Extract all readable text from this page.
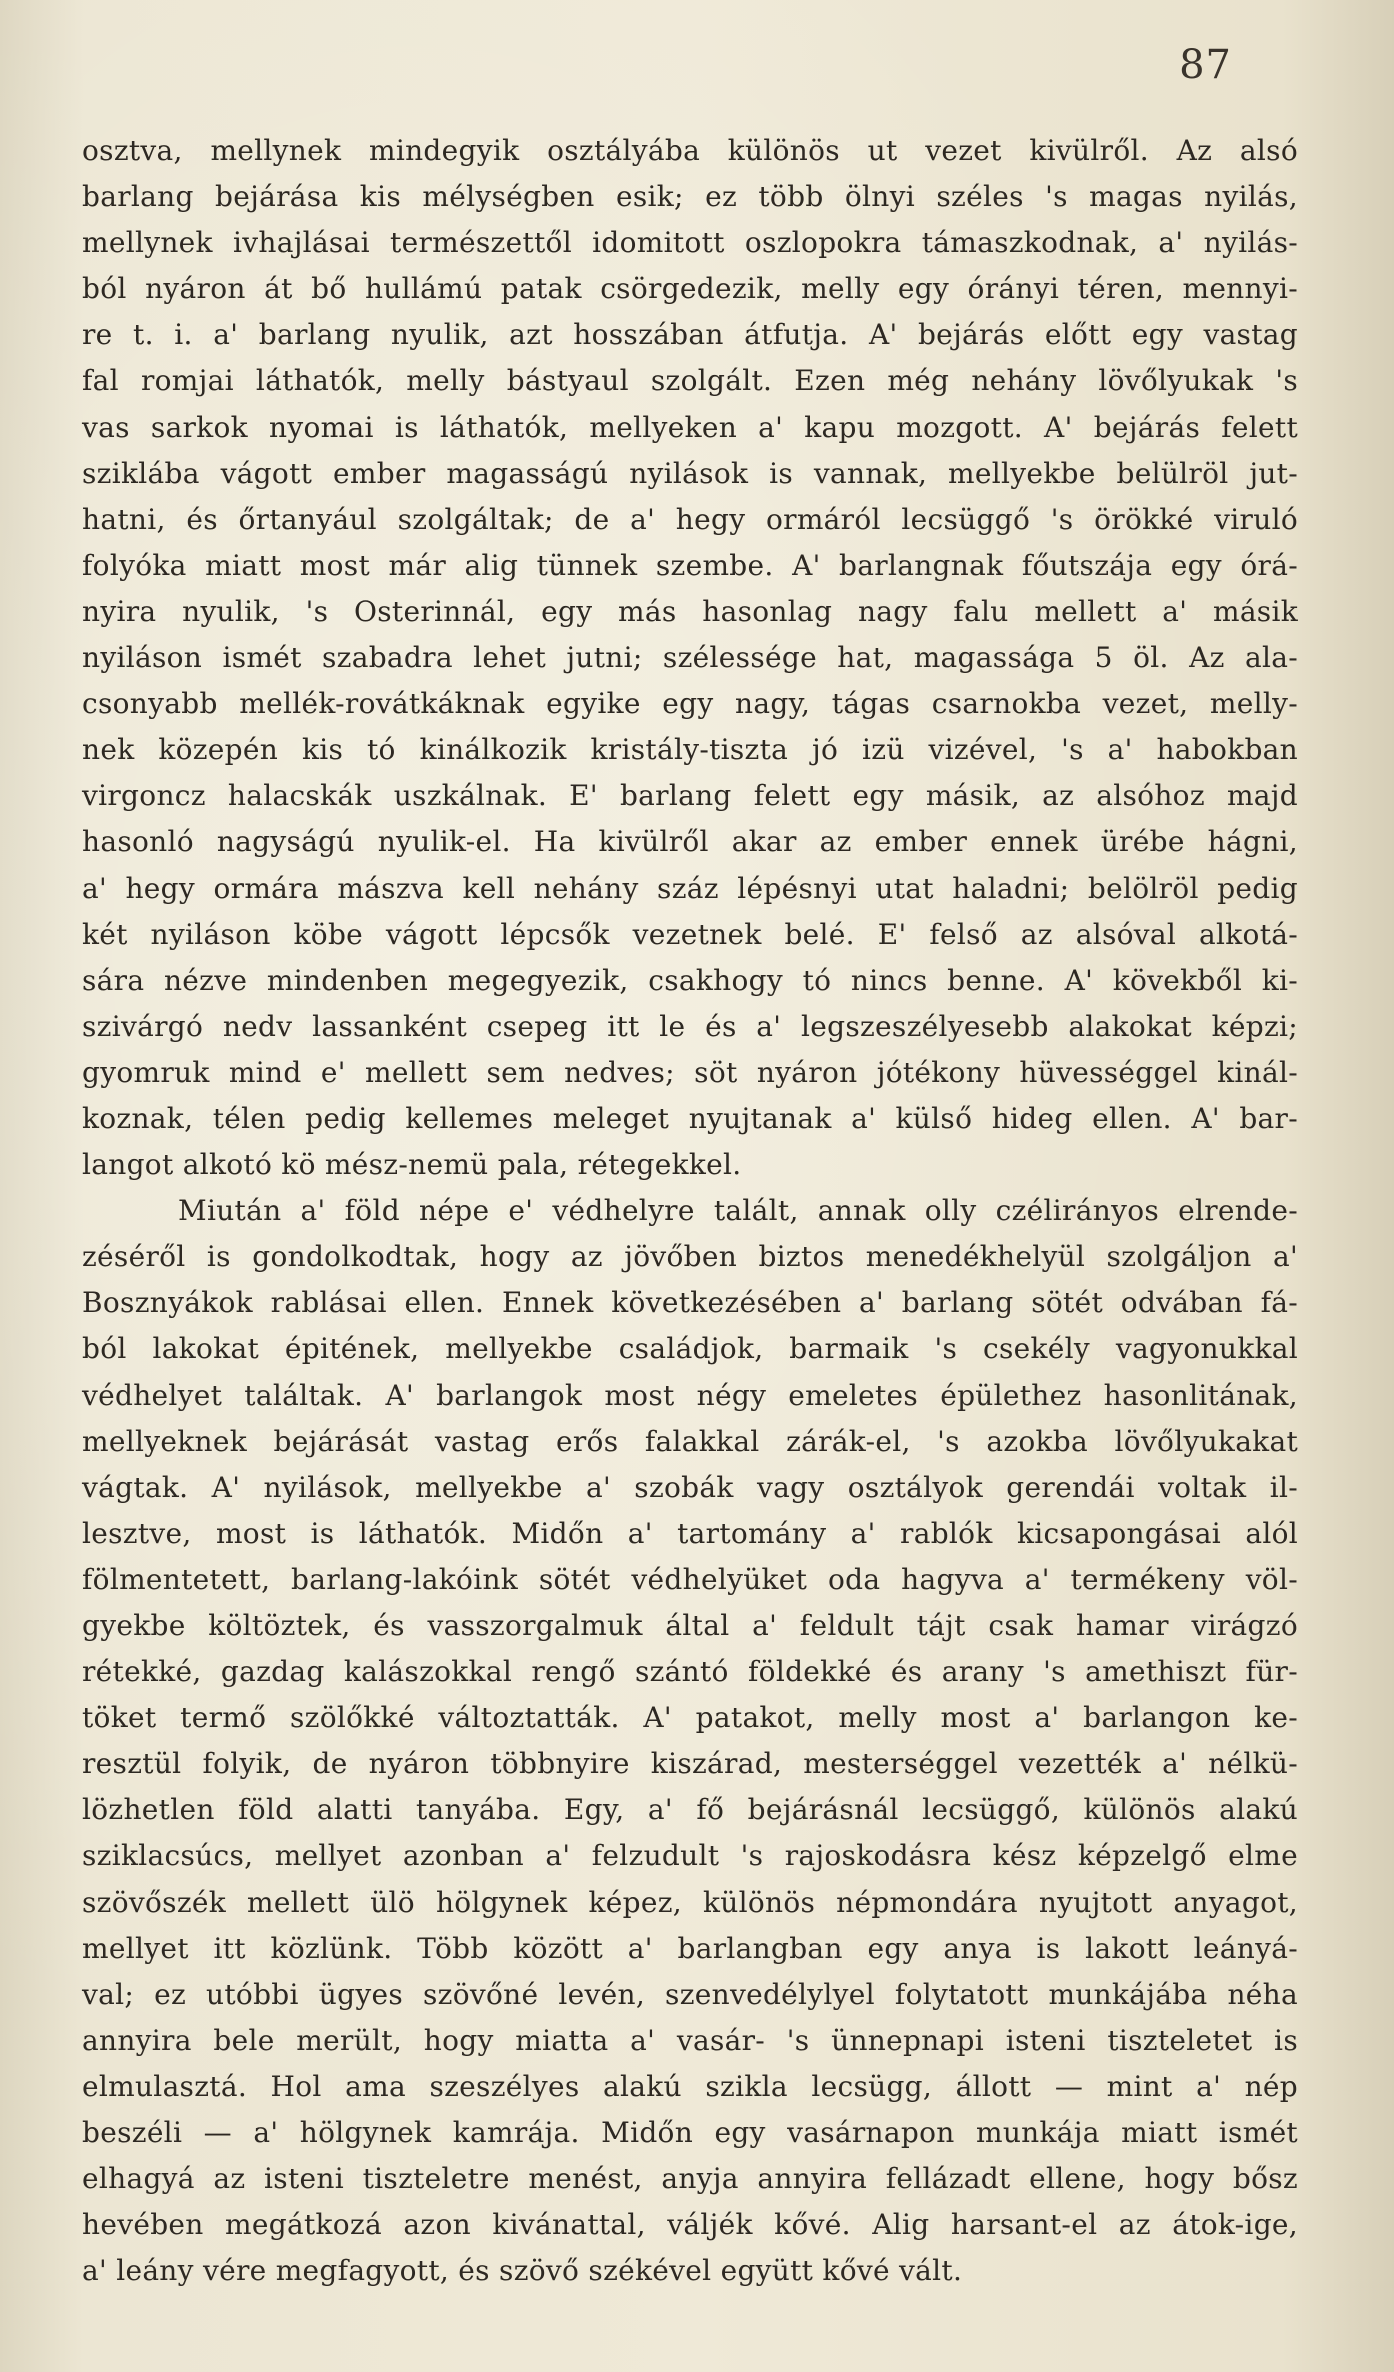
87
osztva, mellynek mindegyik osztályába különös ut vezet kivülről. Az alsó
barlang bejárása kis mélységben esik; ez több ölnyi széles 's magas nyilás,
mellynek ivhajlásai természettől idomitott oszlopokra támaszkodnak, a' nyilás-
ból nyáron át bő hullámú patak csörgedezik, melly egy órányi téren, mennyi-
re t. i. a' barlang nyulik, azt hosszában átfutja. A' bejárás előtt egy vastag
fal romjai láthatók, melly bástyaul szolgált. Ezen még nehány lövőlyukak 's
vas sarkok nyomai is láthatók, mellyeken a' kapu mozgott. A' bejárás felett
sziklába vágott ember magasságú nyilások is vannak, mellyekbe belülröl jut-
hatni, és őrtanyául szolgáltak; de a' hegy ormáról lecsüggő 's örökké viruló
folyóka miatt most már alig tünnek szembe. A' barlangnak főutszája egy órá-
nyira nyulik, 's Osterinnál, egy más hasonlag nagy falu mellett a' másik
nyiláson ismét szabadra lehet jutni; szélessége hat, magassága 5 öl. Az ala-
csonyabb mellék-rovátkáknak egyike egy nagy, tágas csarnokba vezet, melly-
nek közepén kis tó kinálkozik kristály-tiszta jó izü vizével, 's a' habokban
virgoncz halacskák uszkálnak. E' barlang felett egy másik, az alsóhoz majd
hasonló nagyságú nyulik-el. Ha kivülről akar az ember ennek ürébe hágni,
a' hegy ormára mászva kell nehány száz lépésnyi utat haladni; belölröl pedig
két nyiláson köbe vágott lépcsők vezetnek belé. E' felső az alsóval alkotá-
sára nézve mindenben megegyezik, csakhogy tó nincs benne. A' kövekből ki-
szivárgó nedv lassanként csepeg itt le és a' legszeszélyesebb alakokat képzi;
gyomruk mind e' mellett sem nedves; söt nyáron jótékony hüvességgel kinál-
koznak, télen pedig kellemes meleget nyujtanak a' külső hideg ellen. A' bar-
langot alkotó kö mész-nemü pala, rétegekkel.
Miután a' föld népe e' védhelyre talált, annak olly czélirányos elrende-
zéséről is gondolkodtak, hogy az jövőben biztos menedékhelyül szolgáljon a'
Bosznyákok rablásai ellen. Ennek következésében a' barlang sötét odvában fá-
ból lakokat épitének, mellyekbe családjok, barmaik 's csekély vagyonukkal
védhelyet találtak. A' barlangok most négy emeletes épülethez hasonlitának,
mellyeknek bejárását vastag erős falakkal zárák-el, 's azokba lövőlyukakat
vágtak. A' nyilások, mellyekbe a' szobák vagy osztályok gerendái voltak il-
lesztve, most is láthatók. Midőn a' tartomány a' rablók kicsapongásai alól
fölmentetett, barlang-lakóink sötét védhelyüket oda hagyva a' termékeny völ-
gyekbe költöztek, és vasszorgalmuk által a' feldult tájt csak hamar virágzó
rétekké, gazdag kalászokkal rengő szántó földekké és arany 's amethiszt für-
töket termő szölőkké változtatták. A' patakot, melly most a' barlangon ke-
resztül folyik, de nyáron többnyire kiszárad, mesterséggel vezették a' nélkü-
lözhetlen föld alatti tanyába. Egy, a' fő bejárásnál lecsüggő, különös alakú
sziklacsúcs, mellyet azonban a' felzudult 's rajoskodásra kész képzelgő elme
szövőszék mellett ülö hölgynek képez, különös népmondára nyujtott anyagot,
mellyet itt közlünk. Több között a' barlangban egy anya is lakott leányá-
val; ez utóbbi ügyes szövőné levén, szenvedélylyel folytatott munkájába néha
annyira bele merült, hogy miatta a' vasár- 's ünnepnapi isteni tiszteletet is
elmulasztá. Hol ama szeszélyes alakú szikla lecsügg, állott — mint a' nép
beszéli — a' hölgynek kamrája. Midőn egy vasárnapon munkája miatt ismét
elhagyá az isteni tiszteletre menést, anyja annyira fellázadt ellene, hogy bősz
hevében megátkozá azon kivánattal, váljék kővé. Alig harsant-el az átok-ige,
a' leány vére megfagyott, és szövő székével együtt kővé vált.
